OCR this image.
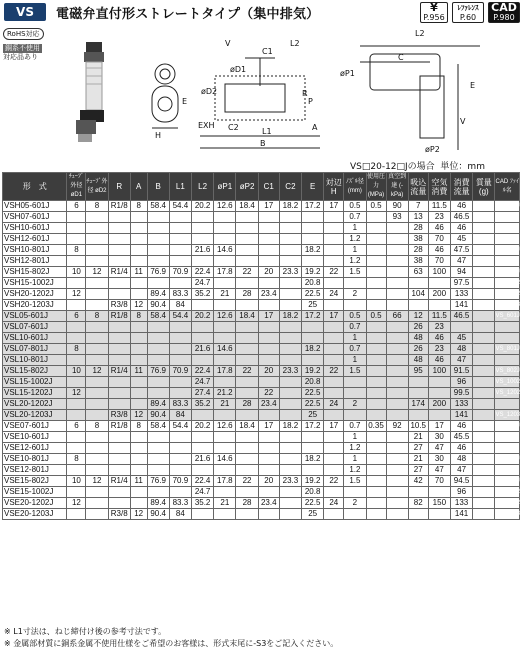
VS	電磁弁直付形ストレートタイプ（集中排気）	¥
P.956
ﾚﾌｧﾚﾝｽ
P.60
CAD
P.980
RoHS対応
銅系不使用
対応品あり
V
C1
L2
øD1
øD2	R
P
E
H
EXH C2	L1	A
B
L2
C
øP1
V
E
øP2
VS□20-12□Jの場合 単位：mm
形　式	ﾁｭｰﾌﾞ外径 øD1	ﾁｭｰﾌﾞ外径 øD2	R	A	B	L1	L2	øP1	øP2	C1	C2	E	対辺 H	ﾉｽﾞﾙ径 (mm)	使用圧力 (MPa)	真空到達 (-kPa)	吸込流量	空気消費	消費流量	質量 (g)	CAD ﾌｧｲﾙ名
VSH05-601J	6	8	R1/8	8	58.4	54.4	20.2	12.6	18.4	17	18.2	17.2	17	0.5	0.5	90	7	11.5	46		VS_601J
VSH07-601J														0.7		93	13	23	46.5		
VSH10-601J														1			28	46	46		
VSH12-601J														1.2			38	70	45		
VSH10-801J	8						21.6	14.6				18.2		1			28	46	47.5		VS_801J
VSH12-801J														1.2			38	70	47		
VSH15-802J	10	12	R1/4	11	76.9	70.9	22.4	17.8	22	20	23.3	19.2	22	1.5			63	100	94		VS_802J
VSH15-1002J							24.7					20.8							97.5		VS_1002J
VSH20-1202J	12				89.4	83.3	35.2	21	28	23.4		22.5	24	2			104	200	133		VS_1202J
VSH20-1203J			R3/8	12	90.4	84						25							141		VS_1203J
VSL05-601J	6	8	R1/8	8	58.4	54.4	20.2	12.6	18.4	17	18.2	17.2	17	0.5	0.5	66	12	11.5	46.5		VS_601J
VSL07-601J														0.7			26	23			
VSL10-601J														1			48	46	45		
VSL07-801J	8						21.6	14.6				18.2		0.7			26	23	48		VS_801J
VSL10-801J														1			48	46	47		
VSL15-802J	10	12	R1/4	11	76.9	70.9	22.4	17.8	22	20	23.3	19.2	22	1.5			95	100	91.5		VS_802J
VSL15-1002J							24.7					20.8							96		VS_1002J
VSL15-1202J	12						27.4	21.2		22		22.5							99.5		VS_1202J
VSL20-1202J					89.4	83.3	35.2	21	28	23.4		22.5	24	2			174	200	133		
VSL20-1203J			R3/8	12	90.4	84						25							141		VS_1203J
VSE07-601J	6	8	R1/8	8	58.4	54.4	20.2	12.6	18.4	17	18.2	17.2	17	0.7	0.35	92	10.5	17	46		VS_601J
VSE10-601J														1			21	30	45.5		
VSE12-601J														1.2			27	47	46		
VSE10-801J	8						21.6	14.6				18.2		1			21	30	48		VS_801J
VSE12-801J														1.2			27	47	47		
VSE15-802J	10	12	R1/4	11	76.9	70.9	22.4	17.8	22	20	23.3	19.2	22	1.5			42	70	94.5		VS_802J
VSE15-1002J							24.7					20.8							96		VS_1002J
VSE20-1202J	12				89.4	83.3	35.2	21	28	23.4		22.5	24	2			82	150	133		VS_1202J
VSE20-1203J			R3/8	12	90.4	84						25							141		VS_1203J
※ L1寸法は、ねじ締付け後の参考寸法です。
※ 金属部材質に銅系金属不使用仕様をご希望のお客様は、形式末尾に-S3をご記入ください。
